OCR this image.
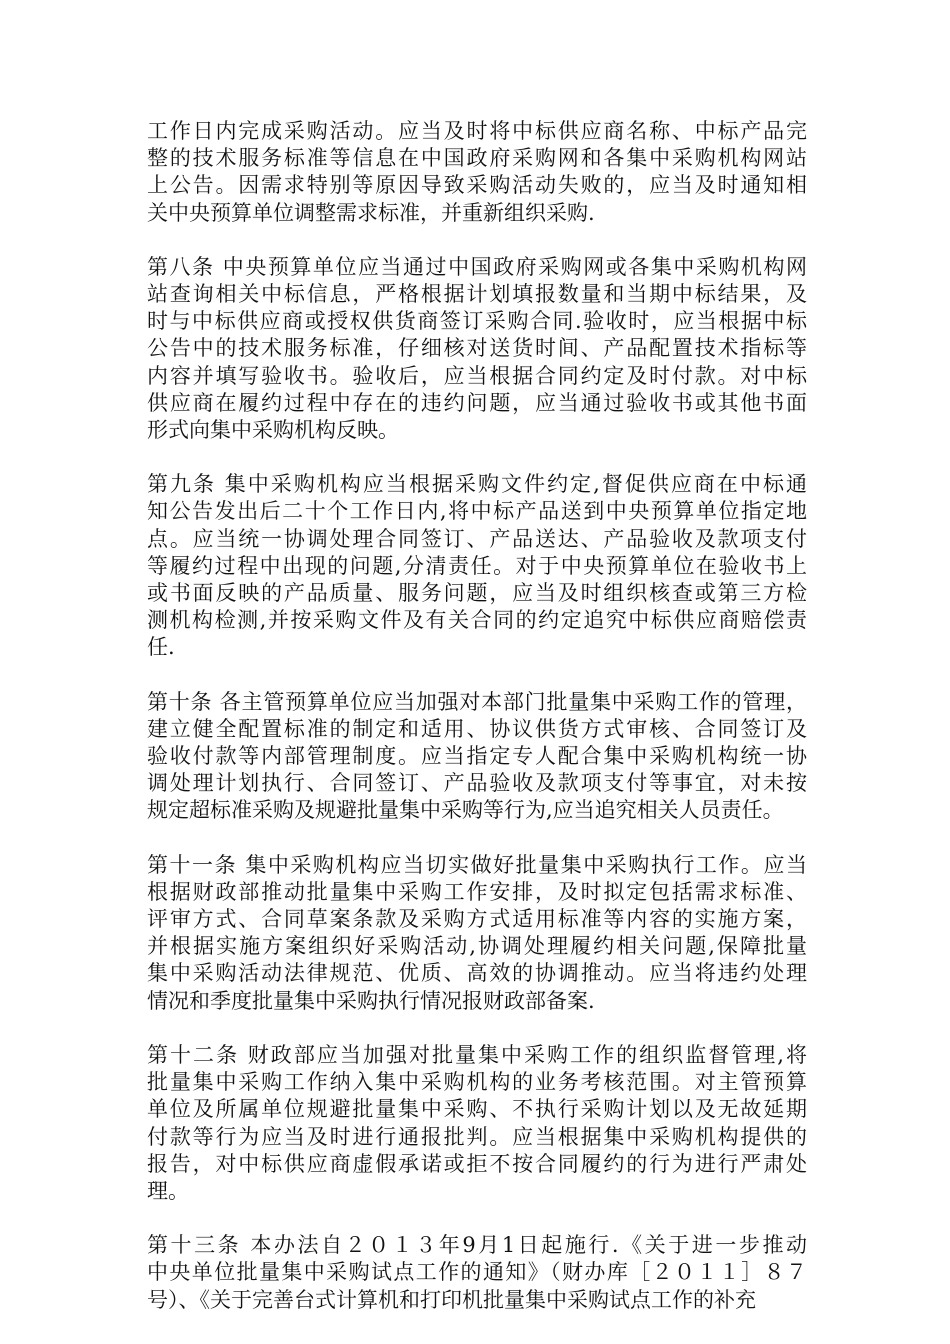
工作日内完成采购活动。应当及时将中标供应商名称、中标产品完
整的技术服务标准等信息在中国政府采购网和各集中采购机构网站
上公告。因需求特别等原因导致采购活动失败的，应当及时通知相
关中央预算单位调整需求标准，并重新组织采购.
第八条 中央预算单位应当通过中国政府采购网或各集中采购机构网
站查询相关中标信息，严格根据计划填报数量和当期中标结果，及
时与中标供应商或授权供货商签订采购合同.验收时，应当根据中标
公告中的技术服务标准，仔细核对送货时间、产品配置技术指标等
内容并填写验收书。验收后，应当根据合同约定及时付款。对中标
供应商在履约过程中存在的违约问题，应当通过验收书或其他书面
形式向集中采购机构反映。
第九条 集中采购机构应当根据采购文件约定,督促供应商在中标通
知公告发出后二十个工作日内,将中标产品送到中央预算单位指定地
点。应当统一协调处理合同签订、产品送达、产品验收及款项支付
等履约过程中出现的问题,分清责任。对于中央预算单位在验收书上
或书面反映的产品质量、服务问题，应当及时组织核查或第三方检
测机构检测,并按采购文件及有关合同的约定追究中标供应商赔偿责
任.
第十条 各主管预算单位应当加强对本部门批量集中采购工作的管理，
建立健全配置标准的制定和适用、协议供货方式审核、合同签订及
验收付款等内部管理制度。应当指定专人配合集中采购机构统一协
调处理计划执行、合同签订、产品验收及款项支付等事宜，对未按
规定超标准采购及规避批量集中采购等行为,应当追究相关人员责任。
第十一条 集中采购机构应当切实做好批量集中采购执行工作。应当
根据财政部推动批量集中采购工作安排，及时拟定包括需求标准、
评审方式、合同草案条款及采购方式适用标准等内容的实施方案，
并根据实施方案组织好采购活动,协调处理履约相关问题,保障批量
集中采购活动法律规范、优质、高效的协调推动。应当将违约处理
情况和季度批量集中采购执行情况报财政部备案.
第十二条 财政部应当加强对批量集中采购工作的组织监督管理,将
批量集中采购工作纳入集中采购机构的业务考核范围。对主管预算
单位及所属单位规避批量集中采购、不执行采购计划以及无故延期
付款等行为应当及时进行通报批判。应当根据集中采购机构提供的
报告，对中标供应商虚假承诺或拒不按合同履约的行为进行严肃处
理。
第十三条 本办法自２０１３年9月1日起施行.《关于进一步推动
中央单位批量集中采购试点工作的通知》（财办库［２０１１］８７
号）、《关于完善台式计算机和打印机批量集中采购试点工作的补充
